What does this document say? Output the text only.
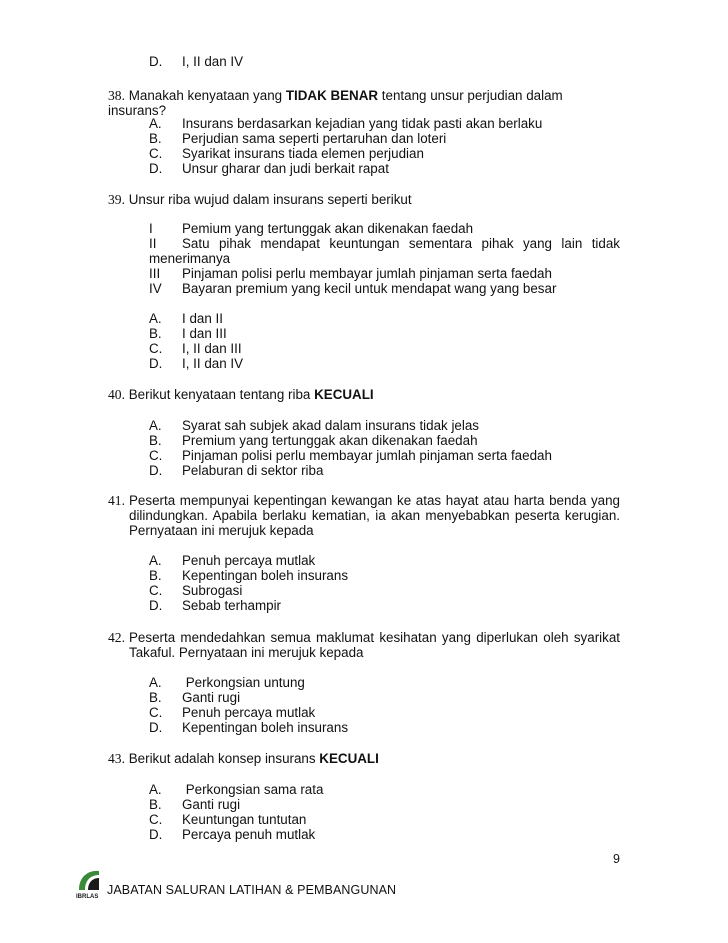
D. I, II dan IV
38. Manakah kenyataan yang TIDAK BENAR tentang unsur perjudian dalam insurans?
A. Insurans berdasarkan kejadian yang tidak pasti akan berlaku
B. Perjudian sama seperti pertaruhan dan loteri
C. Syarikat insurans tiada elemen perjudian
D. Unsur gharar dan judi berkait rapat
39. Unsur riba wujud dalam insurans seperti berikut
I Pemium yang tertunggak akan dikenakan faedah
II	Satu pihak mendapat keuntungan sementara pihak yang lain tidak
menerimanya
III Pinjaman polisi perlu membayar jumlah pinjaman serta faedah
IV Bayaran premium yang kecil untuk mendapat wang yang besar
A. I dan II
B. I dan III
C. I, II dan III
D. I, II dan IV
40. Berikut kenyataan tentang riba KECUALI
A. Syarat sah subjek akad dalam insurans tidak jelas
B. Premium yang tertunggak akan dikenakan faedah
C. Pinjaman polisi perlu membayar jumlah pinjaman serta faedah
D. Pelaburan di sektor riba
41. Peserta mempunyai kepentingan kewangan ke atas hayat atau harta benda yang
dilindungkan. Apabila berlaku kematian, ia akan menyebabkan peserta kerugian.
Pernyataan ini merujuk kepada
A. Penuh percaya mutlak
B. Kepentingan boleh insurans
C. Subrogasi
D. Sebab terhampir
42. Peserta mendedahkan semua maklumat kesihatan yang diperlukan oleh syarikat
Takaful. Pernyataan ini merujuk kepada
A. Perkongsian untung
B. Ganti rugi
C. Penuh percaya mutlak
D. Kepentingan boleh insurans
43. Berikut adalah konsep insurans KECUALI
A. Perkongsian sama rata
B. Ganti rugi
C. Keuntungan tuntutan
D. Percaya penuh mutlak
9
IBRLAS JABATAN SALURAN LATIHAN & PEMBANGUNAN
